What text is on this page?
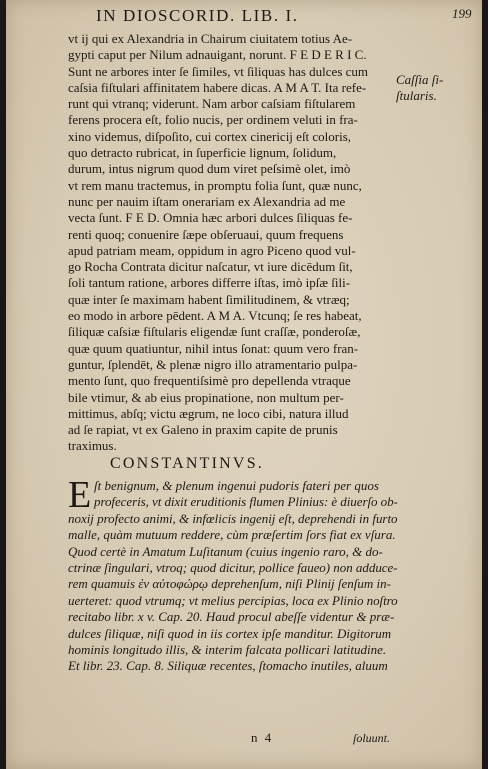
IN DIOSCORID. LIB. I.	199
vt ij qui ex Alexandria in Chairum ciuitatem totius Ae-
gypti caput per Nilum adnauigant, norunt. F E D E R I C.
Sunt ne arbores inter ſe ſimiles, vt ſiliquas has dulces cum
caſsia fiſtulari affinitatem habere dicas. A M A T. Ita refe-
runt qui vtranq; viderunt. Nam arbor caſsiam fiſtularem
ferens procera eſt, folio nucis, per ordinem veluti in fra-
xino videmus, diſpoſito, cui cortex cinericij eſt coloris,
quo detracto rubricat, in ſuperficie lignum, ſolidum,
durum, intus nigrum quod dum viret peſsimè olet, imò
vt rem manu tractemus, in promptu folia ſunt, quæ nunc,
nunc per nauim iſtam onerariam ex Alexandria ad me
vecta ſunt. F E D. Omnia hæc arbori dulces ſiliquas fe-
renti quoq; conuenire ſæpe obſeruaui, quum frequens
apud patriam meam, oppidum in agro Piceno quod vul-
go Rocha Contrata dicitur naſcatur, vt iure dicēdum ſit,
ſoli tantum ratione, arbores differre iſtas, imò ipſæ ſili-
quæ inter ſe maximam habent ſimilitudinem, & vtræq;
eo modo in arbore pēdent. A M A. Vtcunq; ſe res habeat,
ſiliquæ caſsiæ fiſtularis eligendæ ſunt craſſæ, ponderoſæ,
quæ quum quatiuntur, nihil intus ſonat: quum vero fran-
guntur, ſplendēt, & plenæ nigro illo atramentario pulpa-
mento ſunt, quo frequentiſsimè pro depellenda vtraque
bile vtimur, & ab eius propinatione, non multum per-
mittimus, abſq; victu ægrum, ne loco cibi, natura illud
ad ſe rapiat, vt ex Galeno in praxim capite de prunis
traximus.
Caſſia ſi-
ſtularis.
CONSTANTINVS.
E ſt benignum, & plenum ingenui pudoris fateri per quos
profeceris, vt dixit eruditionis flumen Plinius: è diuerſo ob-
noxij profecto animi, & infœlicis ingenij eſt, deprehendi in furto
malle, quàm mutuum reddere, cùm præſertim ſors fiat ex vſura.
Quod certè in Amatum Luſitanum (cuius ingenio raro, & do-
ctrinæ ſingulari, vtroq; quod dicitur, pollice fauео) non adduce-
rem quamuis ἐν αὐτοφώρῳ deprehenſum, niſi Plinij ſenſum in-
uerteret: quod vtrumq; vt melius percipias, loca ex Plinio noſtro
recitabo libr. x v. Cap. 20. Haud procul abeſſe videntur & præ-
dulces ſiliquæ, niſi quod in iis cortex ipſe manditur. Digitorum
hominis longitudo illis, & interim falcata pollicari latitudine.
Et libr. 23. Cap. 8. Siliquæ recentes, ſtomacho inutiles, aluum
n 4	ſoluunt.
